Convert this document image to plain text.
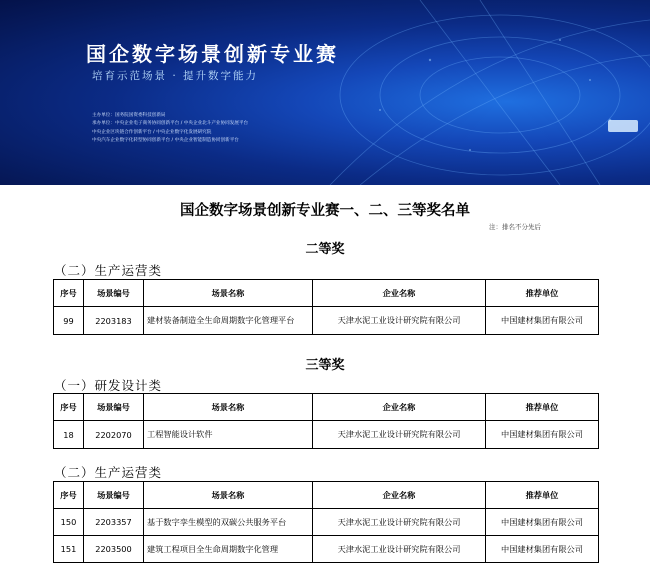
国企数字场景创新专业赛
培育示范场景 · 提升数字能力
主办单位：国务院国资委科技创新局
承办单位：中央企业电子商务协同创新平台 / 中央企业北斗产业协同发展平台
中央企业区块链合作创新平台 / 中央企业数字化发展研究院
中央汽车企业数字化转型协同创新平台 / 中央企业智能制造协同创新平台
国企数字场景创新专业赛一、二、三等奖名单
注：排名不分先后
二等奖
（二）生产运营类
序号	场景编号	场景名称	企业名称	推荐单位
99	2203183	建材装备制造全生命周期数字化管理平台	天津水泥工业设计研究院有限公司	中国建材集团有限公司
三等奖
（一）研发设计类
序号	场景编号	场景名称	企业名称	推荐单位
18	2202070	工程智能设计软件	天津水泥工业设计研究院有限公司	中国建材集团有限公司
（二）生产运营类
序号	场景编号	场景名称	企业名称	推荐单位
150	2203357	基于数字孪生模型的双碳公共服务平台	天津水泥工业设计研究院有限公司	中国建材集团有限公司
151	2203500	建筑工程项目全生命周期数字化管理	天津水泥工业设计研究院有限公司	中国建材集团有限公司
